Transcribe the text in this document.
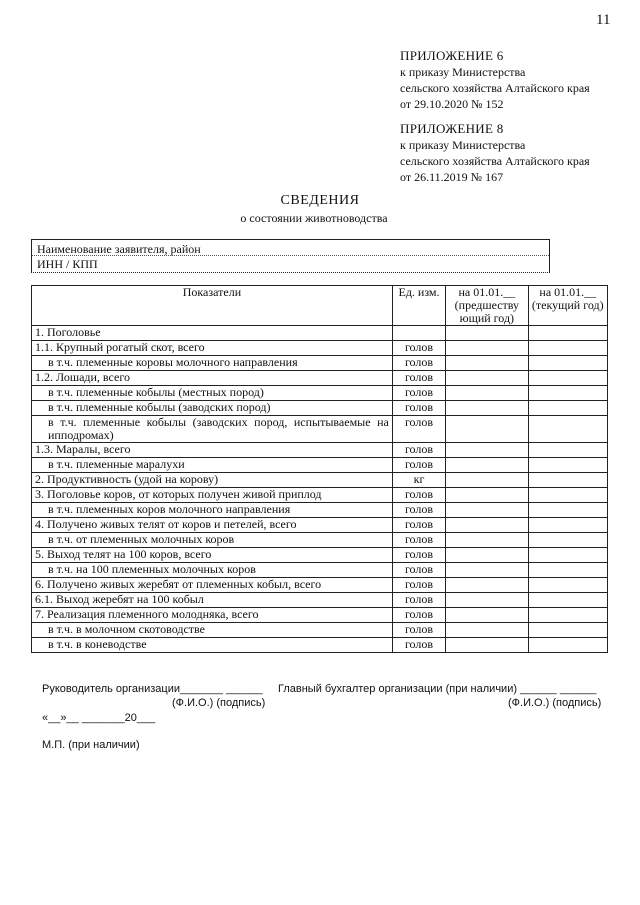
11
ПРИЛОЖЕНИЕ 6
к приказу Министерства
сельского хозяйства Алтайского края
от 29.10.2020 № 152
ПРИЛОЖЕНИЕ 8
к приказу Министерства
сельского хозяйства Алтайского края
от 26.11.2019 № 167
СВЕДЕНИЯ
о состоянии животноводства
Наименование заявителя, район
ИНН / КПП
Показатели	Ед. изм.	на 01.01.__ (предшеству ющий год)	на 01.01.__ (текущий год)
1. Поголовье			
1.1. Крупный рогатый скот, всего	голов		
в т.ч. племенные коровы молочного направления	голов		
1.2. Лошади, всего	голов		
в т.ч. племенные кобылы (местных пород)	голов		
в т.ч. племенные кобылы (заводских пород)	голов		
в т.ч. племенные кобылы (заводских пород, испытываемые на ипподромах)	голов		
1.3. Маралы, всего	голов		
в т.ч. племенные маралухи	голов		
2. Продуктивность (удой на корову)	кг		
3. Поголовье коров, от которых получен живой приплод	голов		
в т.ч. племенных коров молочного направления	голов		
4. Получено живых телят от коров и петелей, всего	голов		
в т.ч. от племенных молочных коров	голов		
5. Выход телят на 100 коров, всего	голов		
в т.ч. на 100 племенных молочных коров	голов		
6. Получено живых жеребят от племенных кобыл, всего	голов		
6.1. Выход жеребят на 100 кобыл	голов		
7. Реализация племенного молодняка, всего	голов		
в т.ч. в молочном скотоводстве	голов		
в т.ч. в коневодстве	голов		
Руководитель организации_______ ______
(Ф.И.О.) (подпись)
Главный бухгалтер организации (при наличии) ______ ______
(Ф.И.О.) (подпись)
«__»__ _______20___
М.П. (при наличии)
